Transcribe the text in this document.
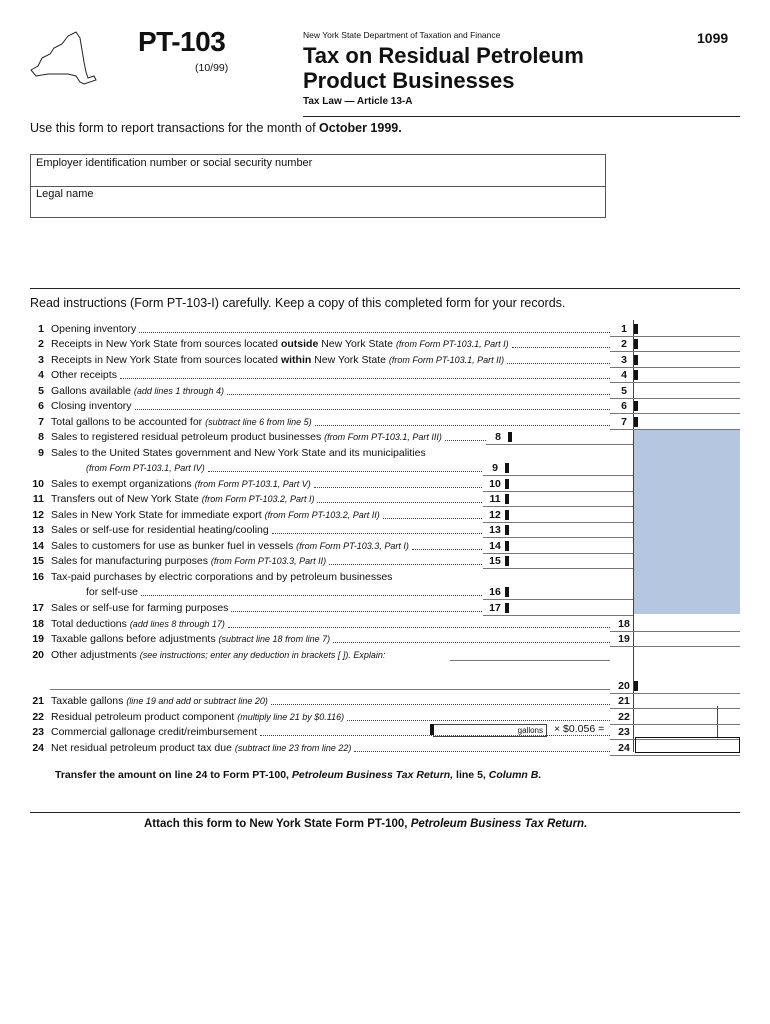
PT-103
(10/99)
New York State Department of Taxation and Finance
Tax on Residual Petroleum
Product Businesses
Tax Law — Article 13-A
1099
Use this form to report transactions for the month of October 1999.
Employer identification number or social security number
Legal name
Read instructions (Form PT-103-I) carefully. Keep a copy of this completed form for your records.
1 Opening inventory	1
2 Receipts in New York State from sources located outside New York State (from Form PT-103.1, Part I)	2
3 Receipts in New York State from sources located within New York State (from Form PT-103.1, Part II)	3
4 Other receipts	4
5 Gallons available (add lines 1 through 4)	5
6 Closing inventory	6
7 Total gallons to be accounted for (subtract line 6 from line 5)	7
8 Sales to registered residual petroleum product businesses (from Form PT-103.1, Part III)	8
9 Sales to the United States government and New York State and its municipalities
(from Form PT-103.1, Part IV)	9
10 Sales to exempt organizations (from Form PT-103.1, Part V)	10
11 Transfers out of New York State (from Form PT-103.2, Part I)	11
12 Sales in New York State for immediate export (from Form PT-103.2, Part II)	12
13 Sales or self-use for residential heating/cooling	13
14 Sales to customers for use as bunker fuel in vessels (from Form PT-103.3, Part I)	14
15 Sales for manufacturing purposes (from Form PT-103.3, Part II)	15
16 Tax-paid purchases by electric corporations and by petroleum businesses
for self-use	16
17 Sales or self-use for farming purposes	17
18 Total deductions (add lines 8 through 17)	18
19 Taxable gallons before adjustments (subtract line 18 from line 7)	19
20 Other adjustments (see instructions; enter any deduction in brackets [ ]). Explain:
20
21 Taxable gallons (line 19 and add or subtract line 20)	21
22 Residual petroleum product component (multiply line 21 by $0.116)	22
23 Commercial gallonage credit/reimbursement	23
24 Net residual petroleum product tax due (subtract line 23 from line 22)	24
gallons × $0.056 =
Transfer the amount on line 24 to Form PT-100, Petroleum Business Tax Return, line 5, Column B.
Attach this form to New York State Form PT-100, Petroleum Business Tax Return.
